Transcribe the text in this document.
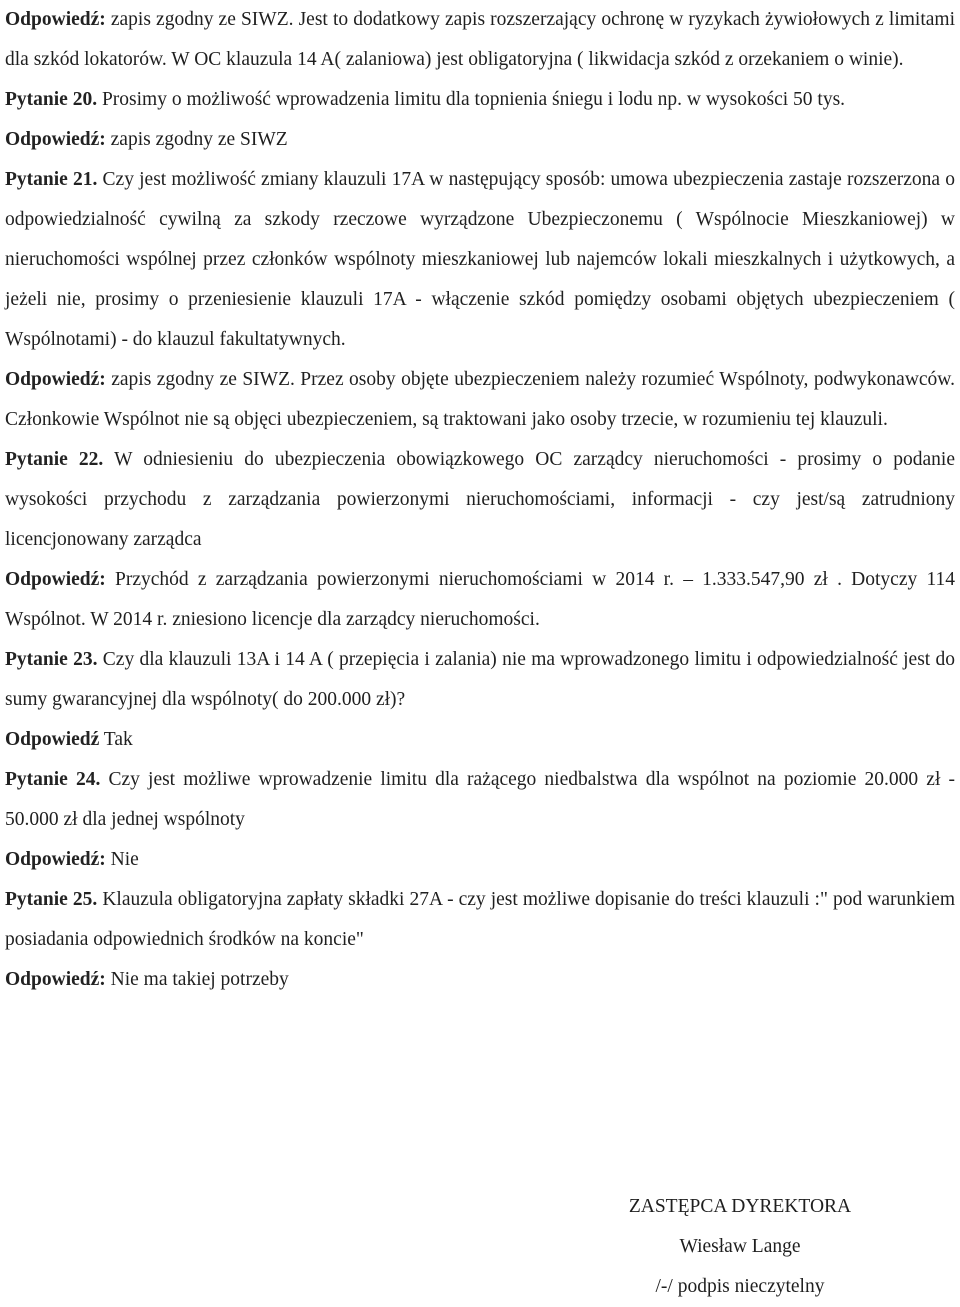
Odpowiedź: zapis zgodny ze SIWZ. Jest to dodatkowy zapis rozszerzający ochronę w ryzykach żywiołowych z limitami dla szkód lokatorów. W OC klauzula 14 A( zalaniowa) jest obligatoryjna ( likwidacja szkód z orzekaniem o winie).

Pytanie 20. Prosimy o możliwość wprowadzenia limitu dla topnienia śniegu i lodu np. w wysokości 50 tys.

Odpowiedź: zapis zgodny ze SIWZ

Pytanie 21. Czy jest możliwość zmiany klauzuli 17A w następujący sposób: umowa ubezpieczenia zastaje rozszerzona o odpowiedzialność cywilną za szkody rzeczowe wyrządzone Ubezpieczonemu ( Wspólnocie Mieszkaniowej) w nieruchomości wspólnej przez członków wspólnoty mieszkaniowej lub najemców lokali mieszkalnych i użytkowych, a jeżeli nie, prosimy o przeniesienie klauzuli 17A - włączenie szkód pomiędzy osobami objętych ubezpieczeniem ( Wspólnotami) - do klauzul fakultatywnych.

Odpowiedź: zapis zgodny ze SIWZ. Przez osoby objęte ubezpieczeniem należy rozumieć Wspólnoty, podwykonawców. Członkowie Wspólnot nie są objęci ubezpieczeniem, są traktowani jako osoby trzecie, w rozumieniu tej klauzuli.

Pytanie 22. W odniesieniu do ubezpieczenia obowiązkowego OC zarządcy nieruchomości - prosimy o podanie wysokości przychodu z zarządzania powierzonymi nieruchomościami, informacji - czy jest/są zatrudniony licencjonowany zarządca

Odpowiedź: Przychód z zarządzania powierzonymi nieruchomościami w 2014 r. – 1.333.547,90 zł . Dotyczy 114 Wspólnot. W 2014 r. zniesiono licencje dla zarządcy nieruchomości.

Pytanie 23. Czy dla klauzuli 13A i 14 A ( przepięcia i zalania) nie ma wprowadzonego limitu i odpowiedzialność jest do sumy gwarancyjnej dla wspólnoty( do 200.000 zł)?

Odpowiedź Tak

Pytanie 24. Czy jest możliwe wprowadzenie limitu dla rażącego niedbalstwa dla wspólnot na poziomie 20.000 zł - 50.000 zł dla jednej wspólnoty

Odpowiedź: Nie

Pytanie 25. Klauzula obligatoryjna zapłaty składki 27A - czy jest możliwe dopisanie do treści klauzuli :" pod warunkiem posiadania odpowiednich środków na koncie"

Odpowiedź: Nie ma takiej potrzeby

ZASTĘPCA DYREKTORA
Wiesław Lange
/-/ podpis nieczytelny
